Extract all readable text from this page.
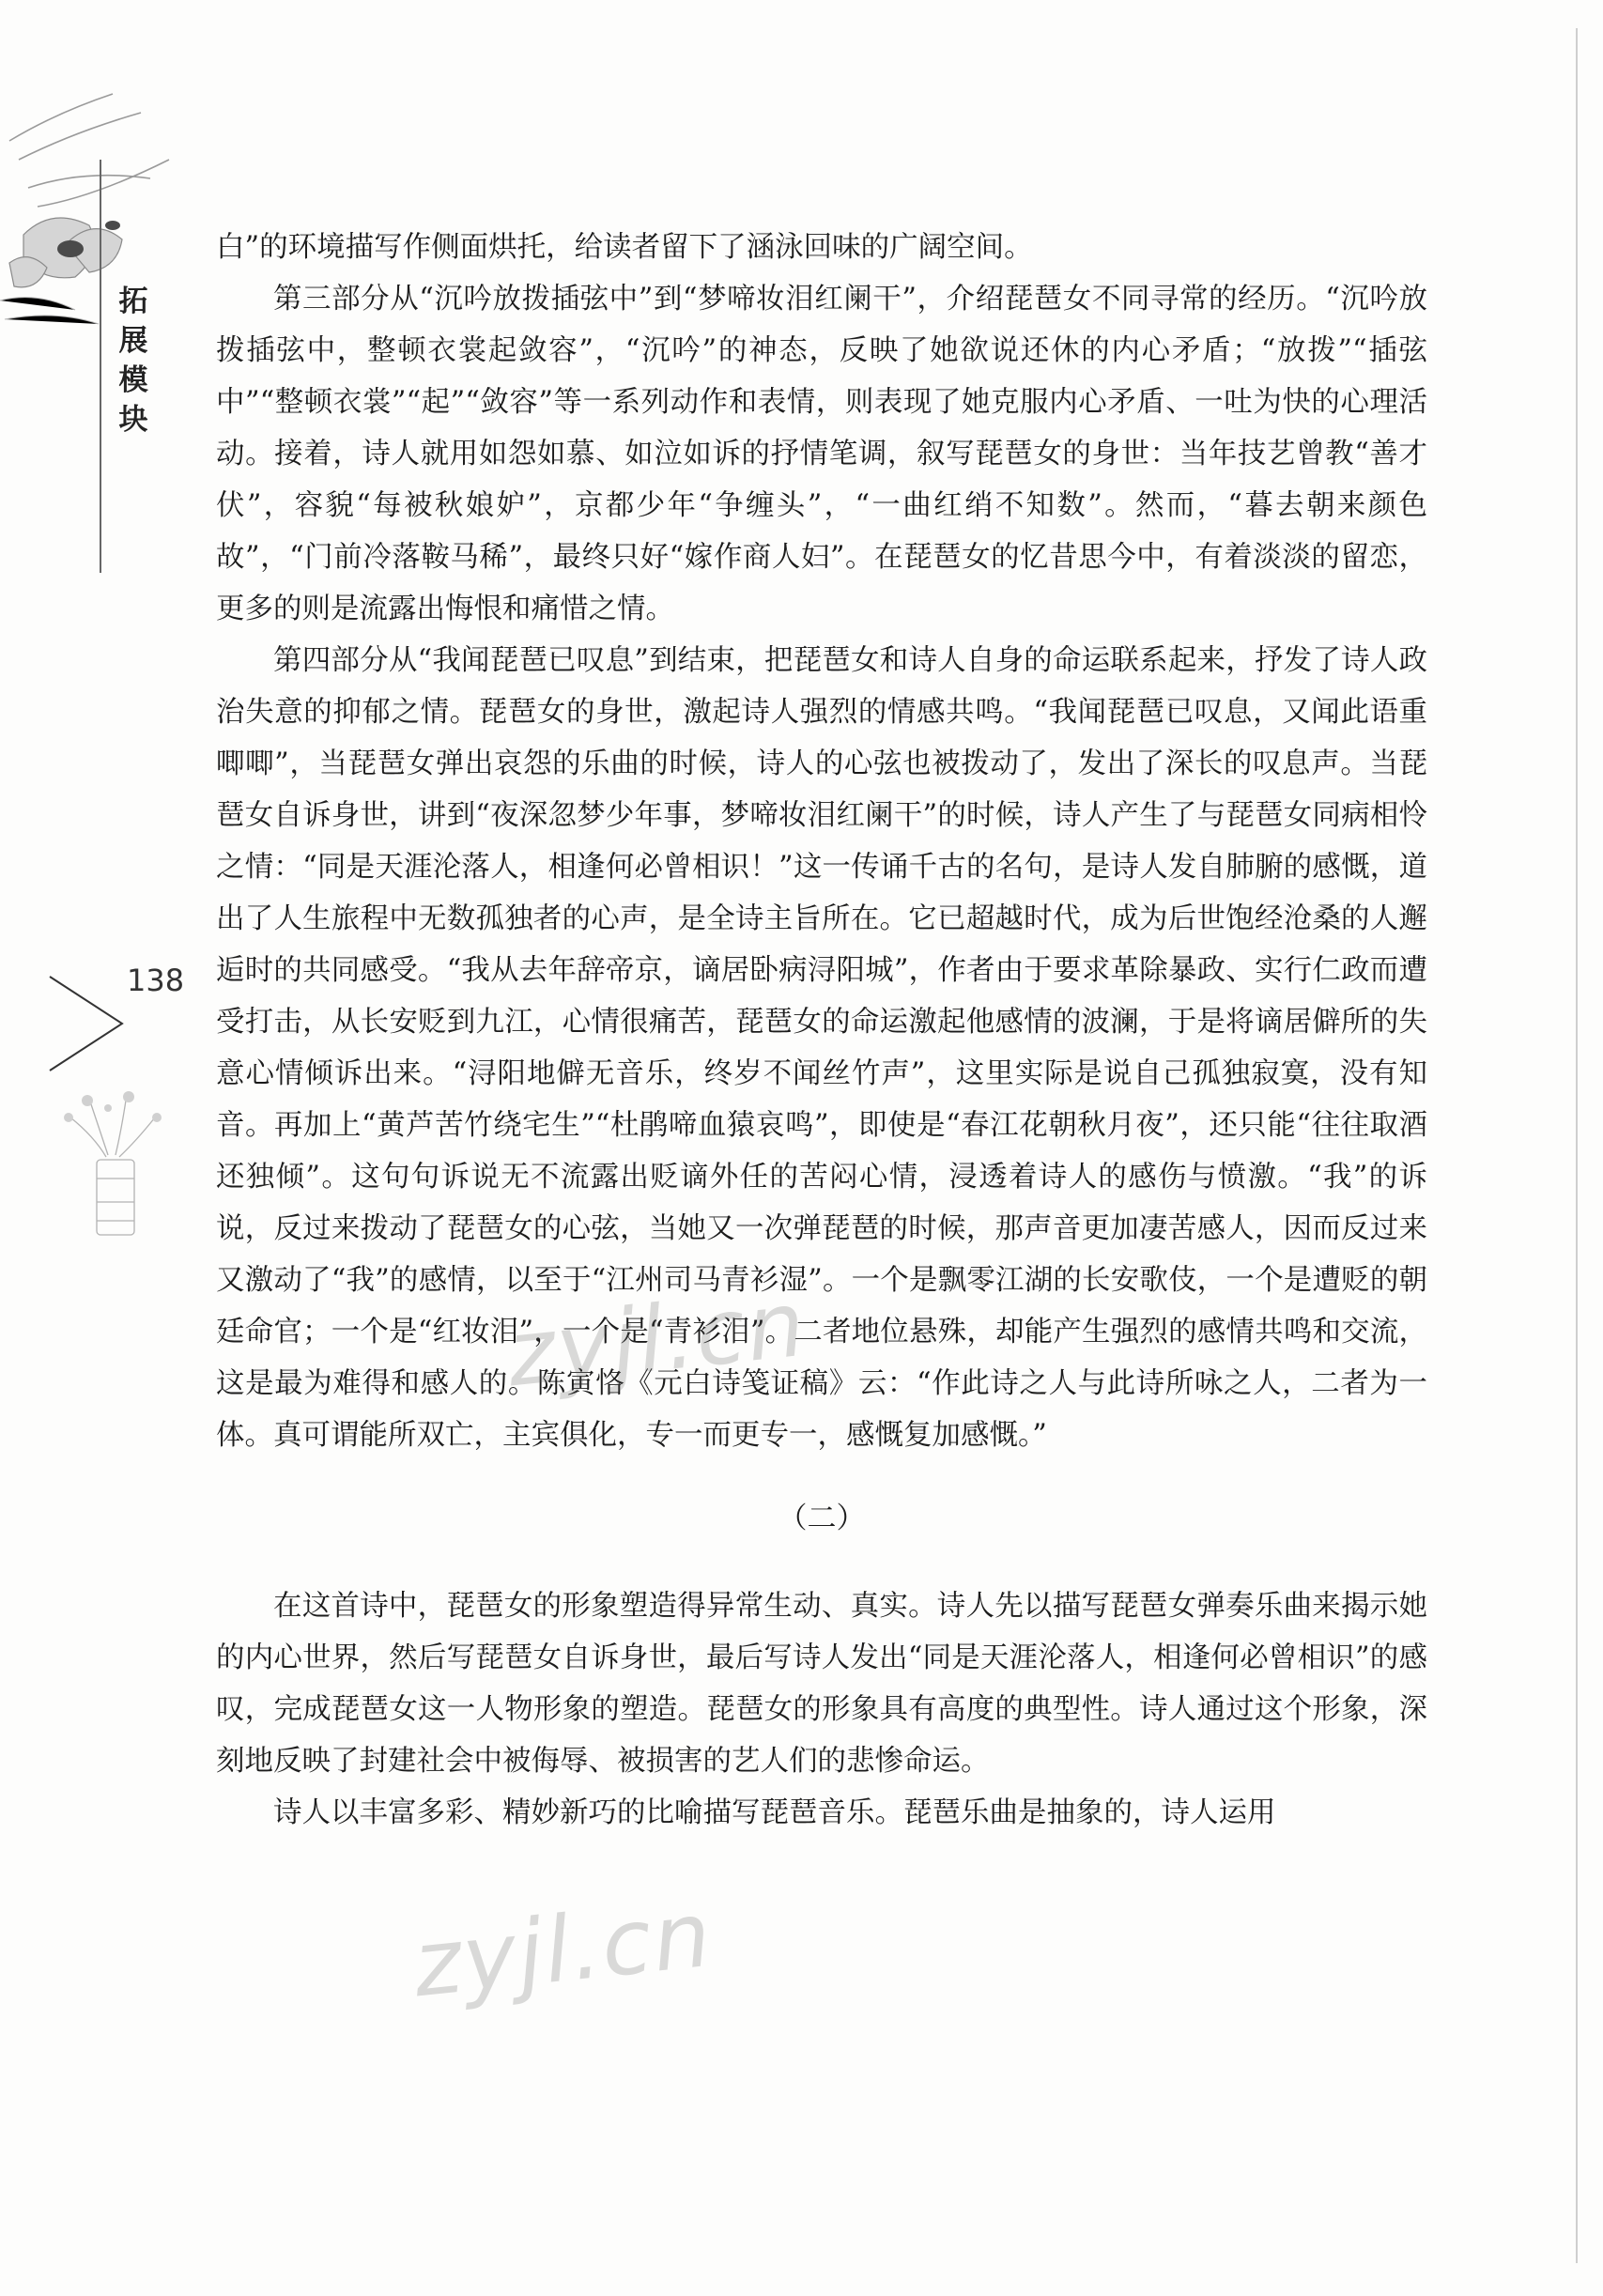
拓展模块
138

白”的环境描写作侧面烘托，给读者留下了涵泳回味的广阔空间。

第三部分从“沉吟放拨插弦中”到“梦啼妆泪红阑干”，介绍琵琶女不同寻常的经历。“沉吟放拨插弦中，整顿衣裳起敛容”，“沉吟”的神态，反映了她欲说还休的内心矛盾；“放拨”“插弦中”“整顿衣裳”“起”“敛容”等一系列动作和表情，则表现了她克服内心矛盾、一吐为快的心理活动。接着，诗人就用如怨如慕、如泣如诉的抒情笔调，叙写琵琶女的身世：当年技艺曾教“善才伏”，容貌“每被秋娘妒”，京都少年“争缠头”，“一曲红绡不知数”。然而，“暮去朝来颜色故”，“门前冷落鞍马稀”，最终只好“嫁作商人妇”。在琵琶女的忆昔思今中，有着淡淡的留恋，更多的则是流露出悔恨和痛惜之情。

第四部分从“我闻琵琶已叹息”到结束，把琵琶女和诗人自身的命运联系起来，抒发了诗人政治失意的抑郁之情。琵琶女的身世，激起诗人强烈的情感共鸣。“我闻琵琶已叹息，又闻此语重唧唧”，当琵琶女弹出哀怨的乐曲的时候，诗人的心弦也被拨动了，发出了深长的叹息声。当琵琶女自诉身世，讲到“夜深忽梦少年事，梦啼妆泪红阑干”的时候，诗人产生了与琵琶女同病相怜之情：“同是天涯沦落人，相逢何必曾相识！”这一传诵千古的名句，是诗人发自肺腑的感慨，道出了人生旅程中无数孤独者的心声，是全诗主旨所在。它已超越时代，成为后世饱经沧桑的人邂逅时的共同感受。“我从去年辞帝京，谪居卧病浔阳城”，作者由于要求革除暴政、实行仁政而遭受打击，从长安贬到九江，心情很痛苦，琵琶女的命运激起他感情的波澜，于是将谪居僻所的失意心情倾诉出来。“浔阳地僻无音乐，终岁不闻丝竹声”，这里实际是说自己孤独寂寞，没有知音。再加上“黄芦苦竹绕宅生”“杜鹃啼血猿哀鸣”，即使是“春江花朝秋月夜”，还只能“往往取酒还独倾”。这句句诉说无不流露出贬谪外任的苦闷心情，浸透着诗人的感伤与愤激。“我”的诉说，反过来拨动了琵琶女的心弦，当她又一次弹琵琶的时候，那声音更加凄苦感人，因而反过来又激动了“我”的感情，以至于“江州司马青衫湿”。一个是飘零江湖的长安歌伎，一个是遭贬的朝廷命官；一个是“红妆泪”，一个是“青衫泪”。二者地位悬殊，却能产生强烈的感情共鸣和交流，这是最为难得和感人的。陈寅恪《元白诗笺证稿》云：“作此诗之人与此诗所咏之人，二者为一体。真可谓能所双亡，主宾俱化，专一而更专一，感慨复加感慨。”

（二）

在这首诗中，琵琶女的形象塑造得异常生动、真实。诗人先以描写琵琶女弹奏乐曲来揭示她的内心世界，然后写琵琶女自诉身世，最后写诗人发出“同是天涯沦落人，相逢何必曾相识”的感叹，完成琵琶女这一人物形象的塑造。琵琶女的形象具有高度的典型性。诗人通过这个形象，深刻地反映了封建社会中被侮辱、被损害的艺人们的悲惨命运。

诗人以丰富多彩、精妙新巧的比喻描写琵琶音乐。琵琶乐曲是抽象的，诗人运用

zyjl.cn
zyjl.cn
